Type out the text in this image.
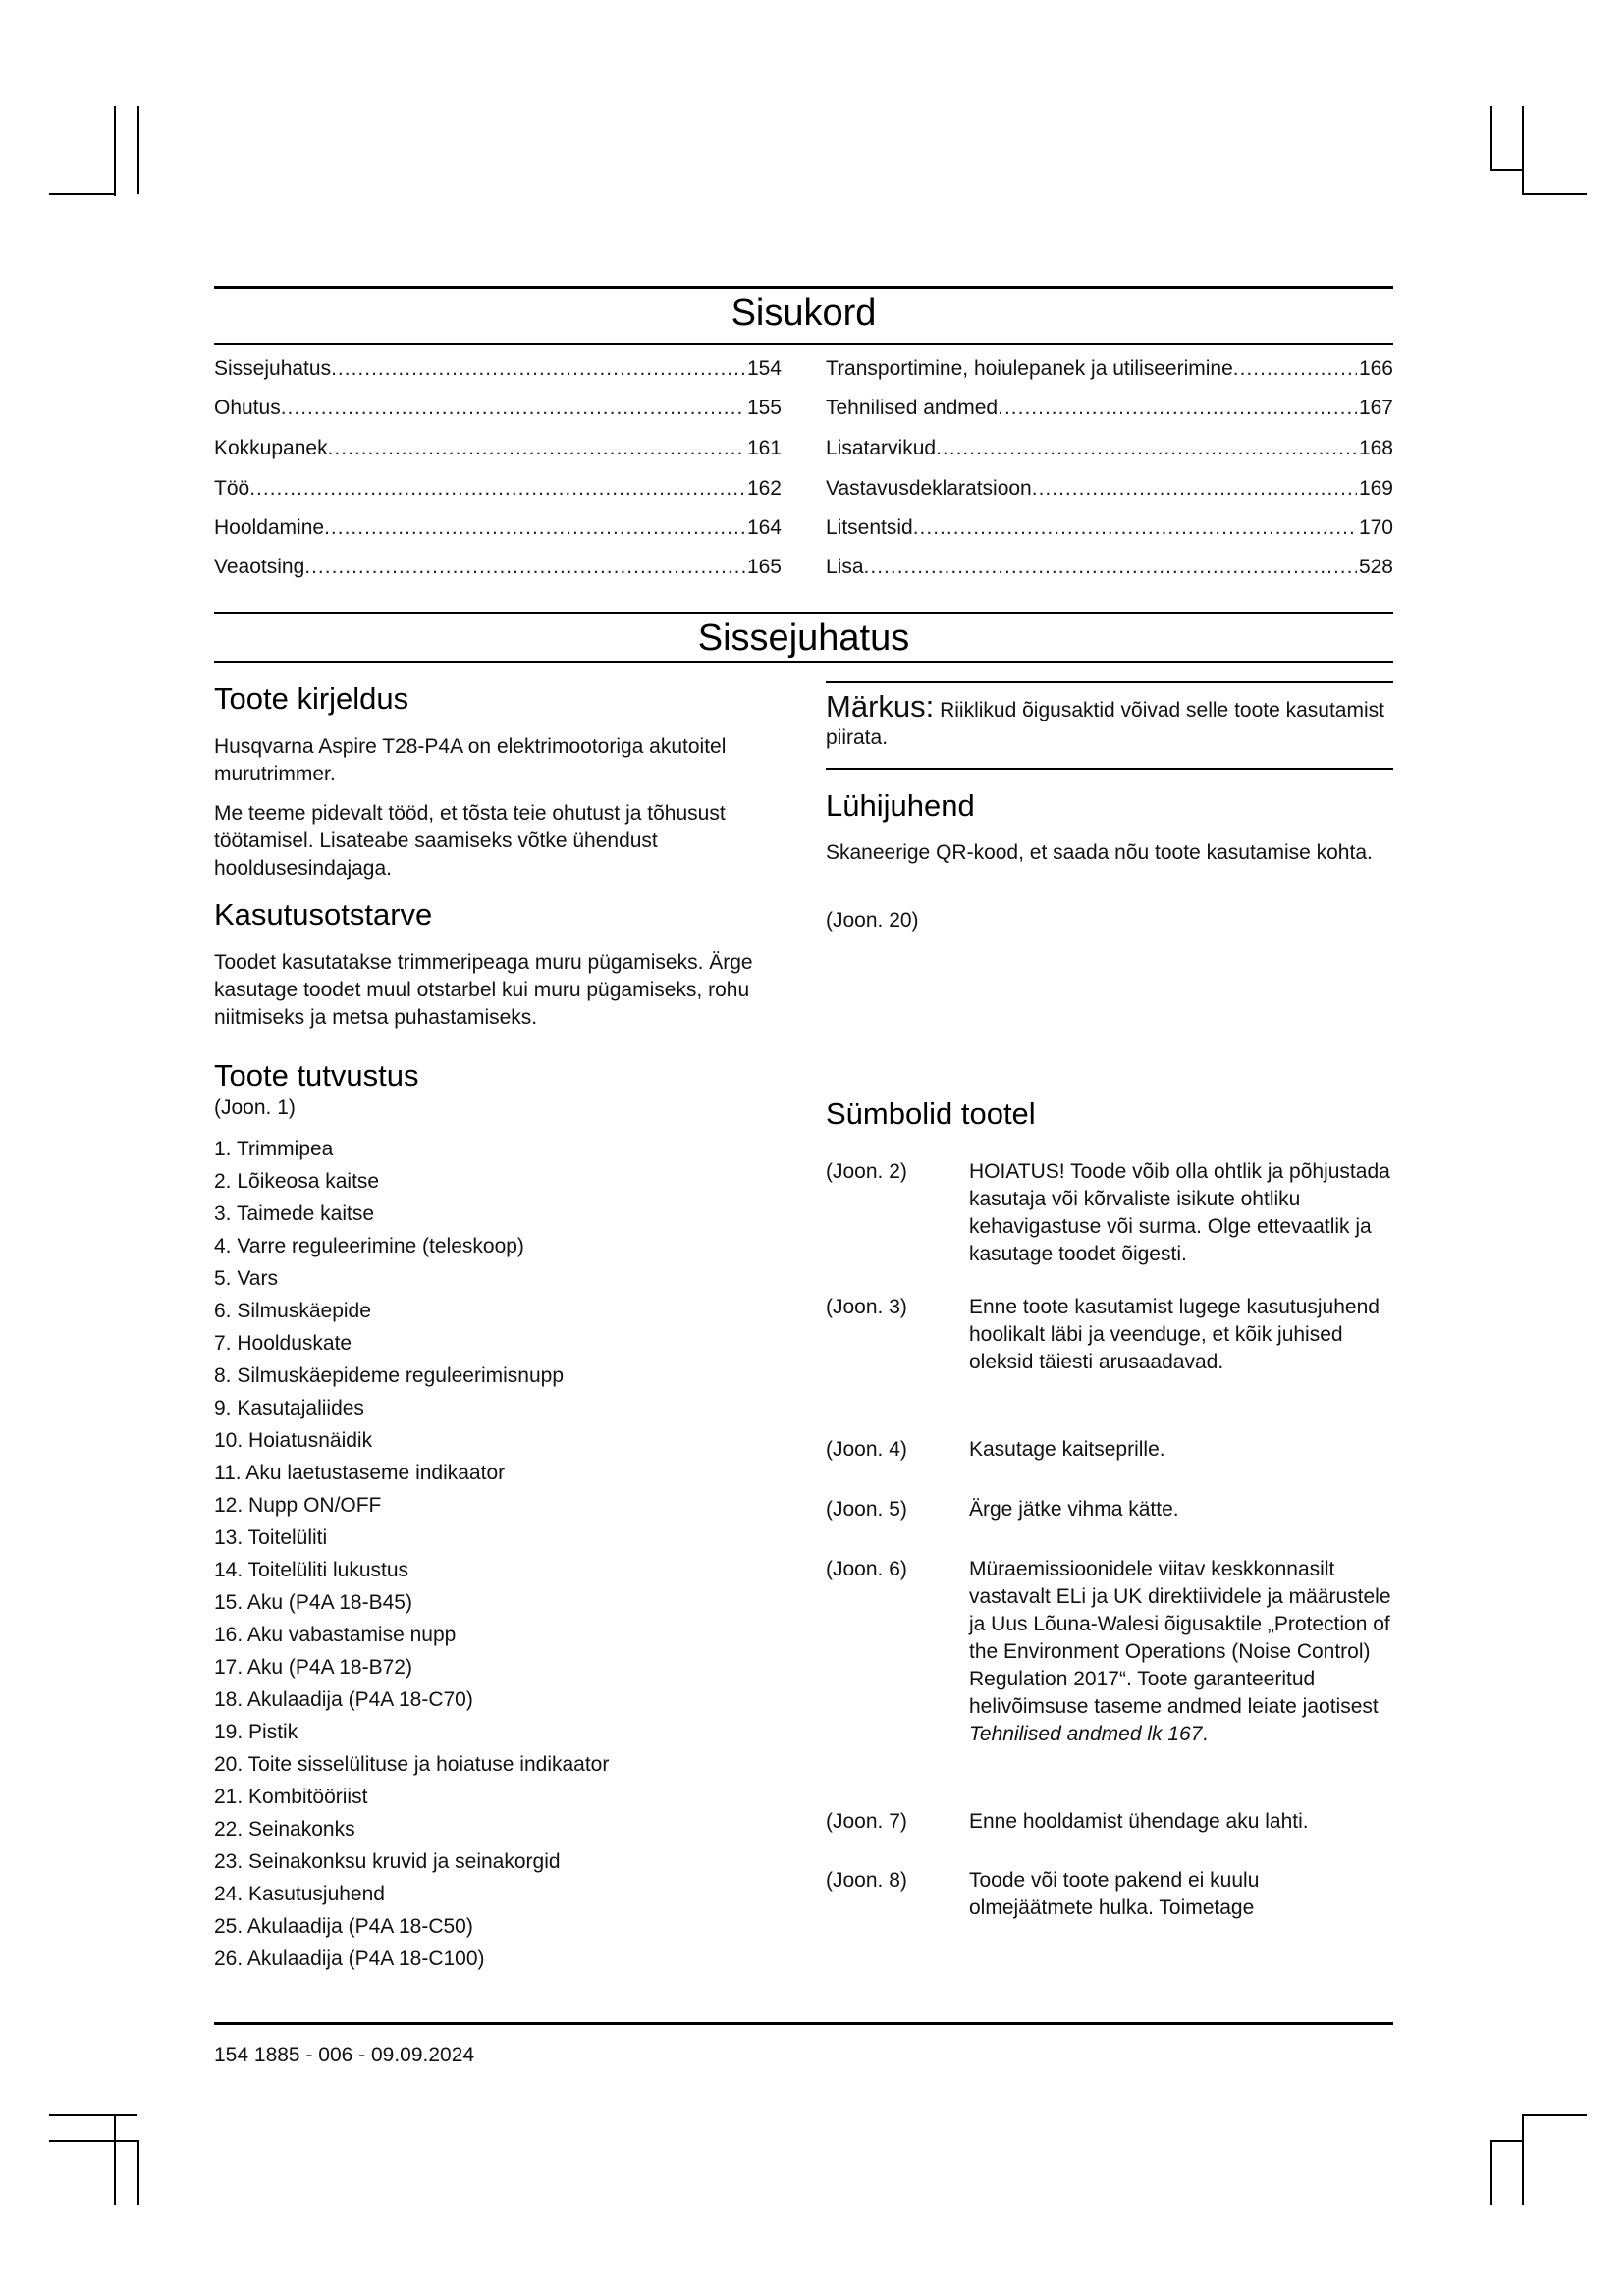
Sisukord
Sissejuhatus .....	154
Ohutus .....	155
Kokkupanek .....	161
Töö .....	162
Hooldamine .....	164
Veaotsing .....	165
Transportimine, hoiulepanek ja utiliseerimine .....	166
Tehnilised andmed .....	167
Lisatarvikud .....	168
Vastavusdeklaratsioon .....	169
Litsentsid .....	170
Lisa .....	528
Sissejuhatus
Toote kirjeldus

Husqvarna Aspire T28-P4A on elektrimootoriga akutoitel murutrimmer.

Me teeme pidevalt tööd, et tõsta teie ohutust ja tõhusust töötamisel. Lisateabe saamiseks võtke ühendust hooldusesindajaga.

Kasutusotstarve

Toodet kasutatakse trimmeripeaga muru pügamiseks. Ärge kasutage toodet muul otstarbel kui muru pügamiseks, rohu niitmiseks ja metsa puhastamiseks.

Toote tutvustus

(Joon. 1)

1. Trimmipea
2. Lõikeosa kaitse
3. Taimede kaitse
4. Varre reguleerimine (teleskoop)
5. Vars
6. Silmuskäepide
7. Hoolduskate
8. Silmuskäepideme reguleerimisnupp
9. Kasutajaliides
10. Hoiatusnäidik
11. Aku laetustaseme indikaator
12. Nupp ON/OFF
13. Toitelüliti
14. Toitelüliti lukustus
15. Aku (P4A 18-B45)
16. Aku vabastamise nupp
17. Aku (P4A 18-B72)
18. Akulaadija (P4A 18-C70)
19. Pistik
20. Toite sisselülituse ja hoiatuse indikaator
21. Kombitööriist
22. Seinakonks
23. Seinakonksu kruvid ja seinakorgid
24. Kasutusjuhend
25. Akulaadija (P4A 18-C50)
26. Akulaadija (P4A 18-C100)
Märkus: Riiklikud õigusaktid võivad selle toote kasutamist piirata.
Lühijuhend

Skaneerige QR-kood, et saada nõu toote kasutamise kohta.

(Joon. 20)

Sümbolid tootel
(Joon. 2)	HOIATUS! Toode võib olla ohtlik ja põhjustada kasutaja või kõrvaliste isikute ohtliku kehavigastuse või surma. Olge ettevaatlik ja kasutage toodet õigesti.
(Joon. 3)	Enne toote kasutamist lugege kasutusjuhend hoolikalt läbi ja veenduge, et kõik juhised oleksid täiesti arusaadavad.
(Joon. 4)	Kasutage kaitseprille.
(Joon. 5)	Ärge jätke vihma kätte.
(Joon. 6)	Müraemissioonidele viitav keskkonnasilt vastavalt ELi ja UK direktiividele ja määrustele ja Uus Lõuna-Walesi õigusaktile „Protection of the Environment Operations (Noise Control) Regulation 2017“. Toote garanteeritud helivõimsuse taseme andmed leiate jaotisest Tehnilised andmed lk 167.
(Joon. 7)	Enne hooldamist ühendage aku lahti.
(Joon. 8)	Toode või toote pakend ei kuulu olmejäätmete hulka. Toimetage
154 1885 - 006 - 09.09.2024
